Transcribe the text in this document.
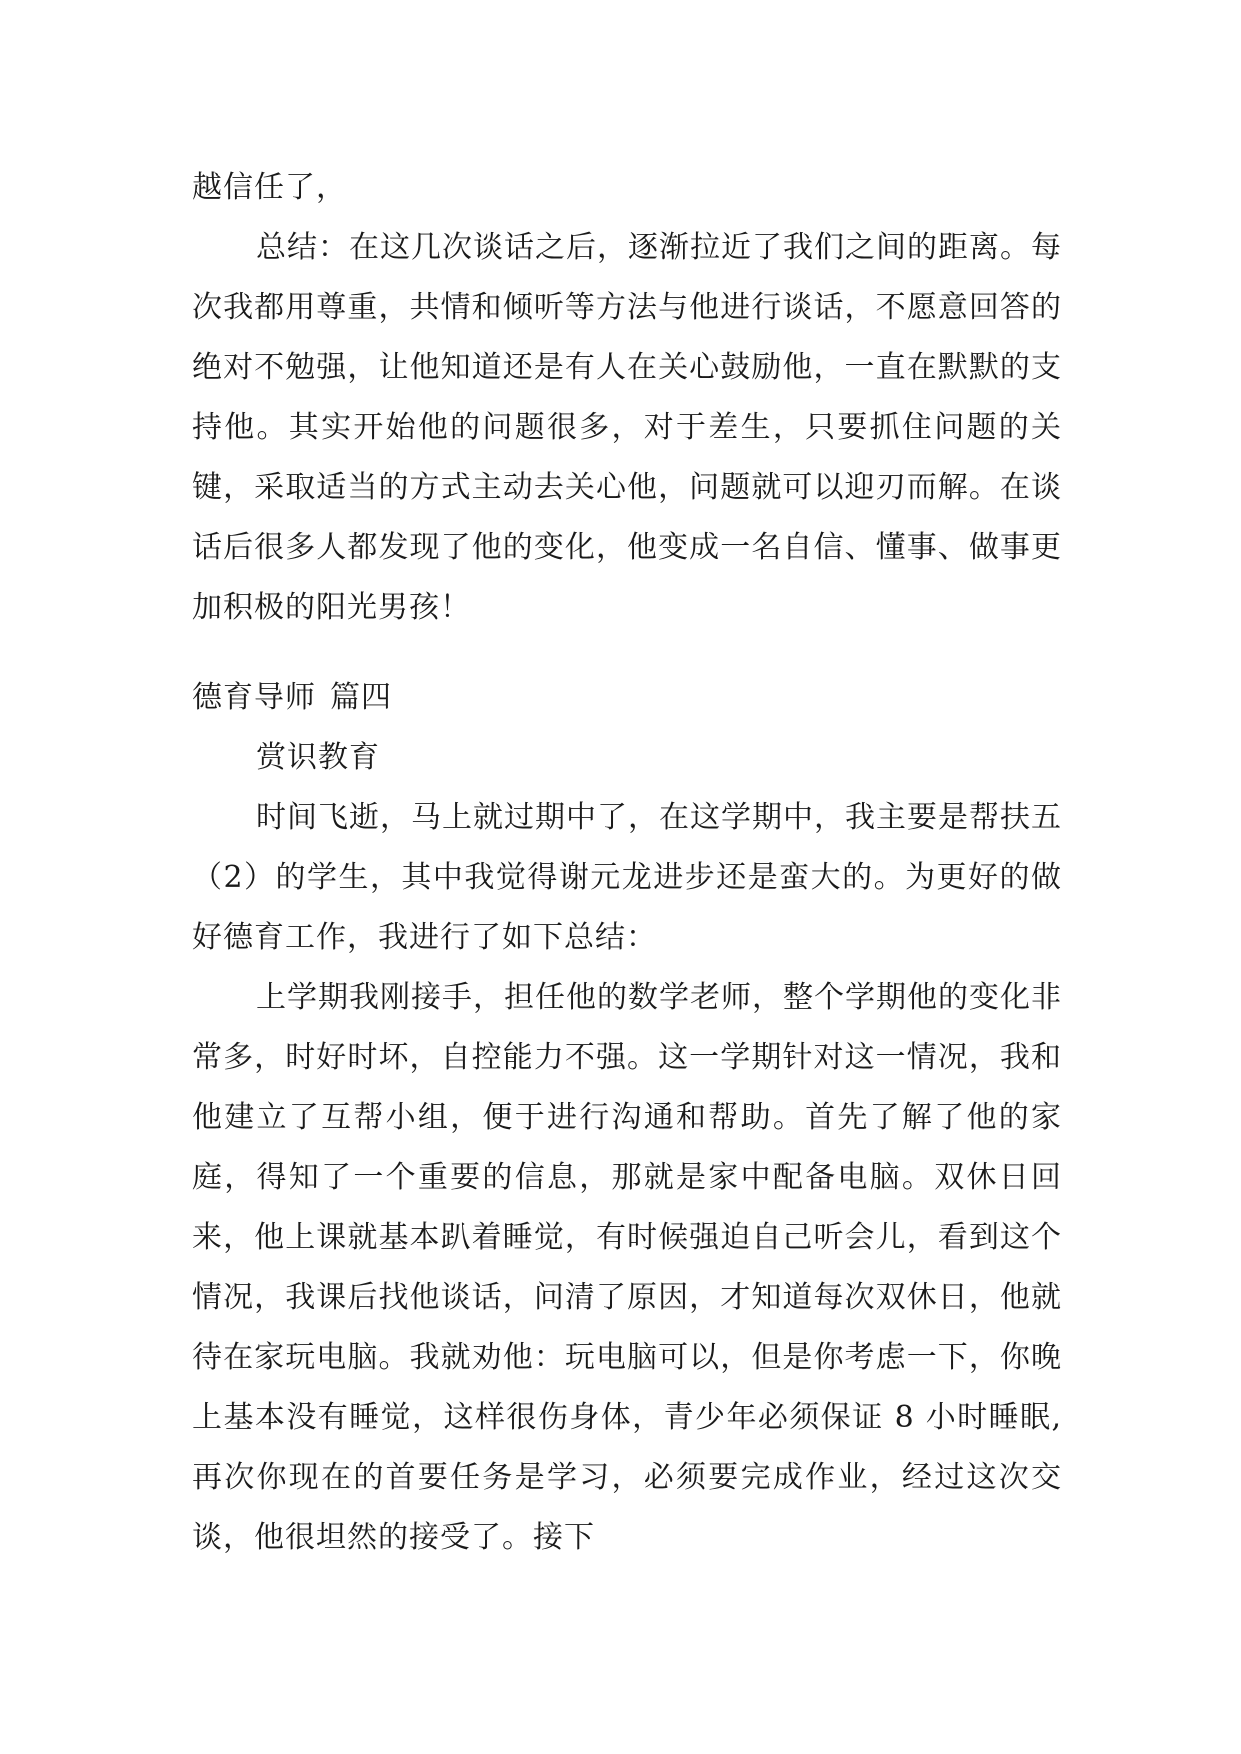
越信任了，

总结：在这几次谈话之后，逐渐拉近了我们之间的距离。每次我都用尊重，共情和倾听等方法与他进行谈话，不愿意回答的绝对不勉强，让他知道还是有人在关心鼓励他，一直在默默的支持他。其实开始他的问题很多，对于差生，只要抓住问题的关键，采取适当的方式主动去关心他，问题就可以迎刃而解。在谈话后很多人都发现了他的变化，他变成一名自信、懂事、做事更加积极的阳光男孩！

德育导师 篇四

赏识教育

时间飞逝，马上就过期中了，在这学期中，我主要是帮扶五（2）的学生，其中我觉得谢元龙进步还是蛮大的。为更好的做好德育工作，我进行了如下总结：

上学期我刚接手，担任他的数学老师，整个学期他的变化非常多，时好时坏，自控能力不强。这一学期针对这一情况，我和他建立了互帮小组，便于进行沟通和帮助。首先了解了他的家庭，得知了一个重要的信息，那就是家中配备电脑。双休日回来，他上课就基本趴着睡觉，有时候强迫自己听会儿，看到这个情况，我课后找他谈话，问清了原因，才知道每次双休日，他就待在家玩电脑。我就劝他：玩电脑可以，但是你考虑一下，你晚上基本没有睡觉，这样很伤身体，青少年必须保证 8 小时睡眠,再次你现在的首要任务是学习，必须要完成作业，经过这次交谈，他很坦然的接受了。接下
